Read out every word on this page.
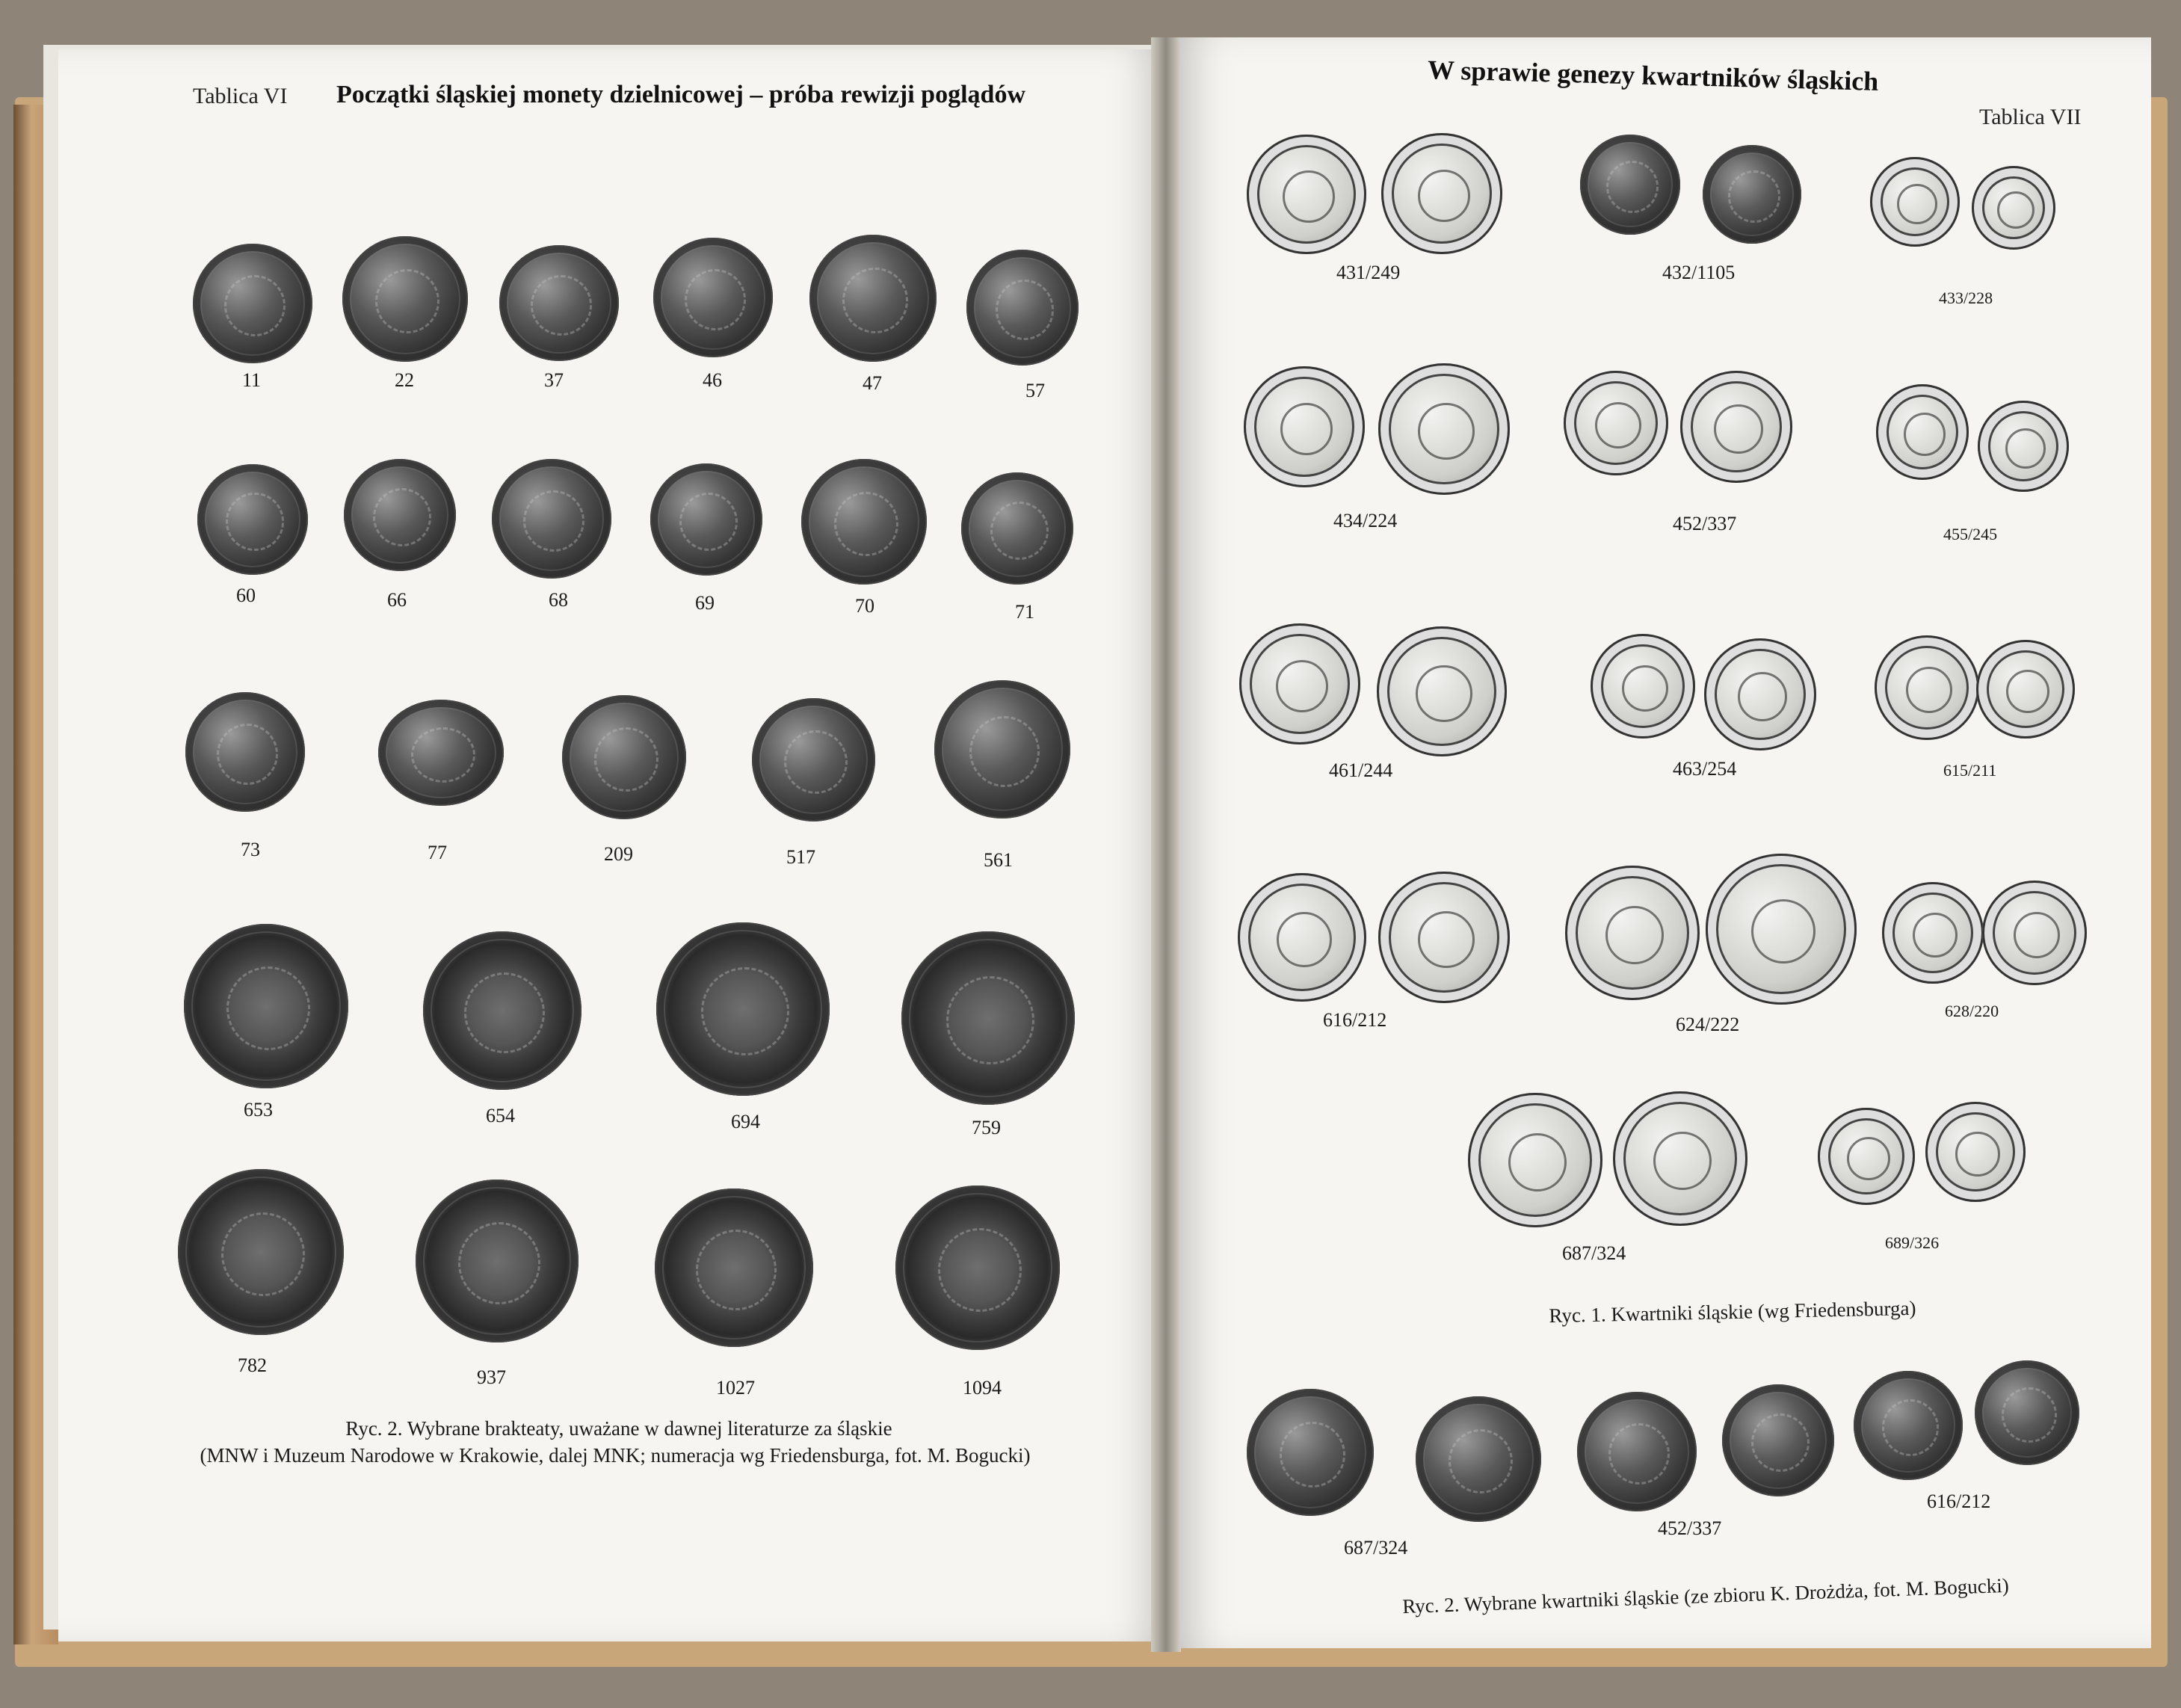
Tablica VI Początki śląskiej monety dzielnicowej – próba rewizji poglądów
11	22	37	46	47	57
60	66	68	69	70	71
73	77	209	517	561
653	654	694	759
782
937	1027	1094
Ryc. 2. Wybrane brakteaty, uważane w dawnej literaturze za śląskie
(MNW i Muzeum Narodowe w Krakowie, dalej MNK; numeracja wg Friedensburga, fot. M. Bogucki)
W sprawie genezy kwartników śląskich
Tablica VII
431/249	432/1105
433/228
434/224	452/337	455/245
461/244	463/254	615/211
616/212	624/222
628/220
687/324	689/326
Ryc. 1. Kwartniki śląskie (wg Friedensburga)
687/324
452/337
616/212
Ryc. 2. Wybrane kwartniki śląskie (ze zbioru K. Drożdża, fot. M. Bogucki)
